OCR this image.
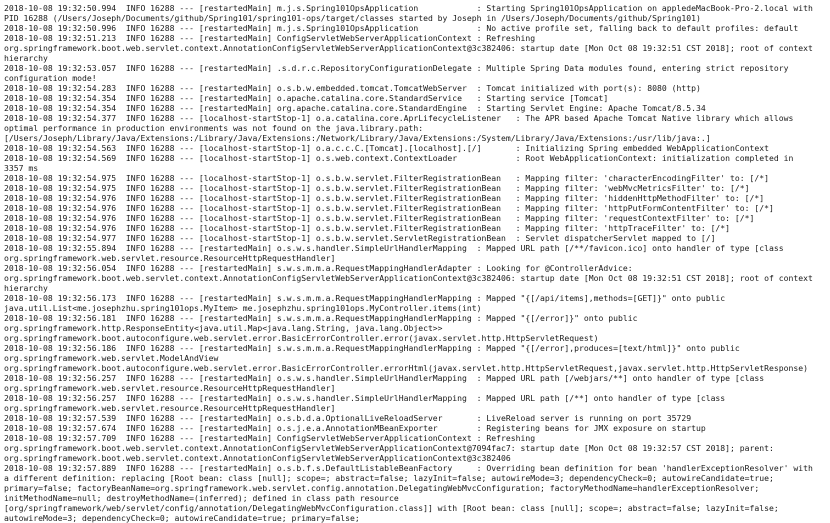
2018-10-08 19:32:50.994  INFO 16288 --- [restartedMain] m.j.s.Spring101OpsApplication            : Starting Spring101OpsApplication on appledeMacBook-Pro-2.local with
PID 16288 (/Users/Joseph/Documents/github/Spring101/spring101-ops/target/classes started by Joseph in /Users/Joseph/Documents/github/Spring101)
2018-10-08 19:32:50.996  INFO 16288 --- [restartedMain] m.j.s.Spring101OpsApplication            : No active profile set, falling back to default profiles: default
2018-10-08 19:32:51.213  INFO 16288 --- [restartedMain] ConfigServletWebServerApplicationContext : Refreshing
org.springframework.boot.web.servlet.context.AnnotationConfigServletWebServerApplicationContext@3c382406: startup date [Mon Oct 08 19:32:51 CST 2018]; root of context
hierarchy
2018-10-08 19:32:53.057  INFO 16288 --- [restartedMain] .s.d.r.c.RepositoryConfigurationDelegate : Multiple Spring Data modules found, entering strict repository
configuration mode!
2018-10-08 19:32:54.283  INFO 16288 --- [restartedMain] o.s.b.w.embedded.tomcat.TomcatWebServer  : Tomcat initialized with port(s): 8080 (http)
2018-10-08 19:32:54.354  INFO 16288 --- [restartedMain] o.apache.catalina.core.StandardService   : Starting service [Tomcat]
2018-10-08 19:32:54.354  INFO 16288 --- [restartedMain] org.apache.catalina.core.StandardEngine  : Starting Servlet Engine: Apache Tomcat/8.5.34
2018-10-08 19:32:54.377  INFO 16288 --- [localhost-startStop-1] o.a.catalina.core.AprLifecycleListener   : The APR based Apache Tomcat Native library which allows
optimal performance in production environments was not found on the java.library.path:
[/Users/Joseph/Library/Java/Extensions:/Library/Java/Extensions:/Network/Library/Java/Extensions:/System/Library/Java/Extensions:/usr/lib/java:.]
2018-10-08 19:32:54.563  INFO 16288 --- [localhost-startStop-1] o.a.c.c.C.[Tomcat].[localhost].[/]       : Initializing Spring embedded WebApplicationContext
2018-10-08 19:32:54.569  INFO 16288 --- [localhost-startStop-1] o.s.web.context.ContextLoader            : Root WebApplicationContext: initialization completed in
3357 ms
2018-10-08 19:32:54.975  INFO 16288 --- [localhost-startStop-1] o.s.b.w.servlet.FilterRegistrationBean   : Mapping filter: 'characterEncodingFilter' to: [/*]
2018-10-08 19:32:54.975  INFO 16288 --- [localhost-startStop-1] o.s.b.w.servlet.FilterRegistrationBean   : Mapping filter: 'webMvcMetricsFilter' to: [/*]
2018-10-08 19:32:54.976  INFO 16288 --- [localhost-startStop-1] o.s.b.w.servlet.FilterRegistrationBean   : Mapping filter: 'hiddenHttpMethodFilter' to: [/*]
2018-10-08 19:32:54.976  INFO 16288 --- [localhost-startStop-1] o.s.b.w.servlet.FilterRegistrationBean   : Mapping filter: 'httpPutFormContentFilter' to: [/*]
2018-10-08 19:32:54.976  INFO 16288 --- [localhost-startStop-1] o.s.b.w.servlet.FilterRegistrationBean   : Mapping filter: 'requestContextFilter' to: [/*]
2018-10-08 19:32:54.976  INFO 16288 --- [localhost-startStop-1] o.s.b.w.servlet.FilterRegistrationBean   : Mapping filter: 'httpTraceFilter' to: [/*]
2018-10-08 19:32:54.977  INFO 16288 --- [localhost-startStop-1] o.s.b.w.servlet.ServletRegistrationBean  : Servlet dispatcherServlet mapped to [/]
2018-10-08 19:32:55.894  INFO 16288 --- [restartedMain] o.s.w.s.handler.SimpleUrlHandlerMapping  : Mapped URL path [/**/favicon.ico] onto handler of type [class
org.springframework.web.servlet.resource.ResourceHttpRequestHandler]
2018-10-08 19:32:56.054  INFO 16288 --- [restartedMain] s.w.s.m.m.a.RequestMappingHandlerAdapter : Looking for @ControllerAdvice:
org.springframework.boot.web.servlet.context.AnnotationConfigServletWebServerApplicationContext@3c382406: startup date [Mon Oct 08 19:32:51 CST 2018]; root of context
hierarchy
2018-10-08 19:32:56.173  INFO 16288 --- [restartedMain] s.w.s.m.m.a.RequestMappingHandlerMapping : Mapped "{[/api/items],methods=[GET]}" onto public
java.util.List<me.josephzhu.spring101ops.MyItem> me.josephzhu.spring101ops.MyController.items(int)
2018-10-08 19:32:56.181  INFO 16288 --- [restartedMain] s.w.s.m.m.a.RequestMappingHandlerMapping : Mapped "{[/error]}" onto public
org.springframework.http.ResponseEntity<java.util.Map<java.lang.String, java.lang.Object>>
org.springframework.boot.autoconfigure.web.servlet.error.BasicErrorController.error(javax.servlet.http.HttpServletRequest)
2018-10-08 19:32:56.186  INFO 16288 --- [restartedMain] s.w.s.m.m.a.RequestMappingHandlerMapping : Mapped "{[/error],produces=[text/html]}" onto public
org.springframework.web.servlet.ModelAndView
org.springframework.boot.autoconfigure.web.servlet.error.BasicErrorController.errorHtml(javax.servlet.http.HttpServletRequest,javax.servlet.http.HttpServletResponse)
2018-10-08 19:32:56.257  INFO 16288 --- [restartedMain] o.s.w.s.handler.SimpleUrlHandlerMapping  : Mapped URL path [/webjars/**] onto handler of type [class
org.springframework.web.servlet.resource.ResourceHttpRequestHandler]
2018-10-08 19:32:56.257  INFO 16288 --- [restartedMain] o.s.w.s.handler.SimpleUrlHandlerMapping  : Mapped URL path [/**] onto handler of type [class
org.springframework.web.servlet.resource.ResourceHttpRequestHandler]
2018-10-08 19:32:57.539  INFO 16288 --- [restartedMain] o.s.b.d.a.OptionalLiveReloadServer       : LiveReload server is running on port 35729
2018-10-08 19:32:57.674  INFO 16288 --- [restartedMain] o.s.j.e.a.AnnotationMBeanExporter        : Registering beans for JMX exposure on startup
2018-10-08 19:32:57.709  INFO 16288 --- [restartedMain] ConfigServletWebServerApplicationContext : Refreshing
org.springframework.boot.web.servlet.context.AnnotationConfigServletWebServerApplicationContext@7094fac7: startup date [Mon Oct 08 19:32:57 CST 2018]; parent:
org.springframework.boot.web.servlet.context.AnnotationConfigServletWebServerApplicationContext@3c382406
2018-10-08 19:32:57.889  INFO 16288 --- [restartedMain] o.s.b.f.s.DefaultListableBeanFactory     : Overriding bean definition for bean 'handlerExceptionResolver' with
a different definition: replacing [Root bean: class [null]; scope=; abstract=false; lazyInit=false; autowireMode=3; dependencyCheck=0; autowireCandidate=true;
primary=false; factoryBeanName=org.springframework.web.servlet.config.annotation.DelegatingWebMvcConfiguration; factoryMethodName=handlerExceptionResolver;
initMethodName=null; destroyMethodName=(inferred); defined in class path resource
[org/springframework/web/servlet/config/annotation/DelegatingWebMvcConfiguration.class]] with [Root bean: class [null]; scope=; abstract=false; lazyInit=false;
autowireMode=3; dependencyCheck=0; autowireCandidate=true; primary=false;
